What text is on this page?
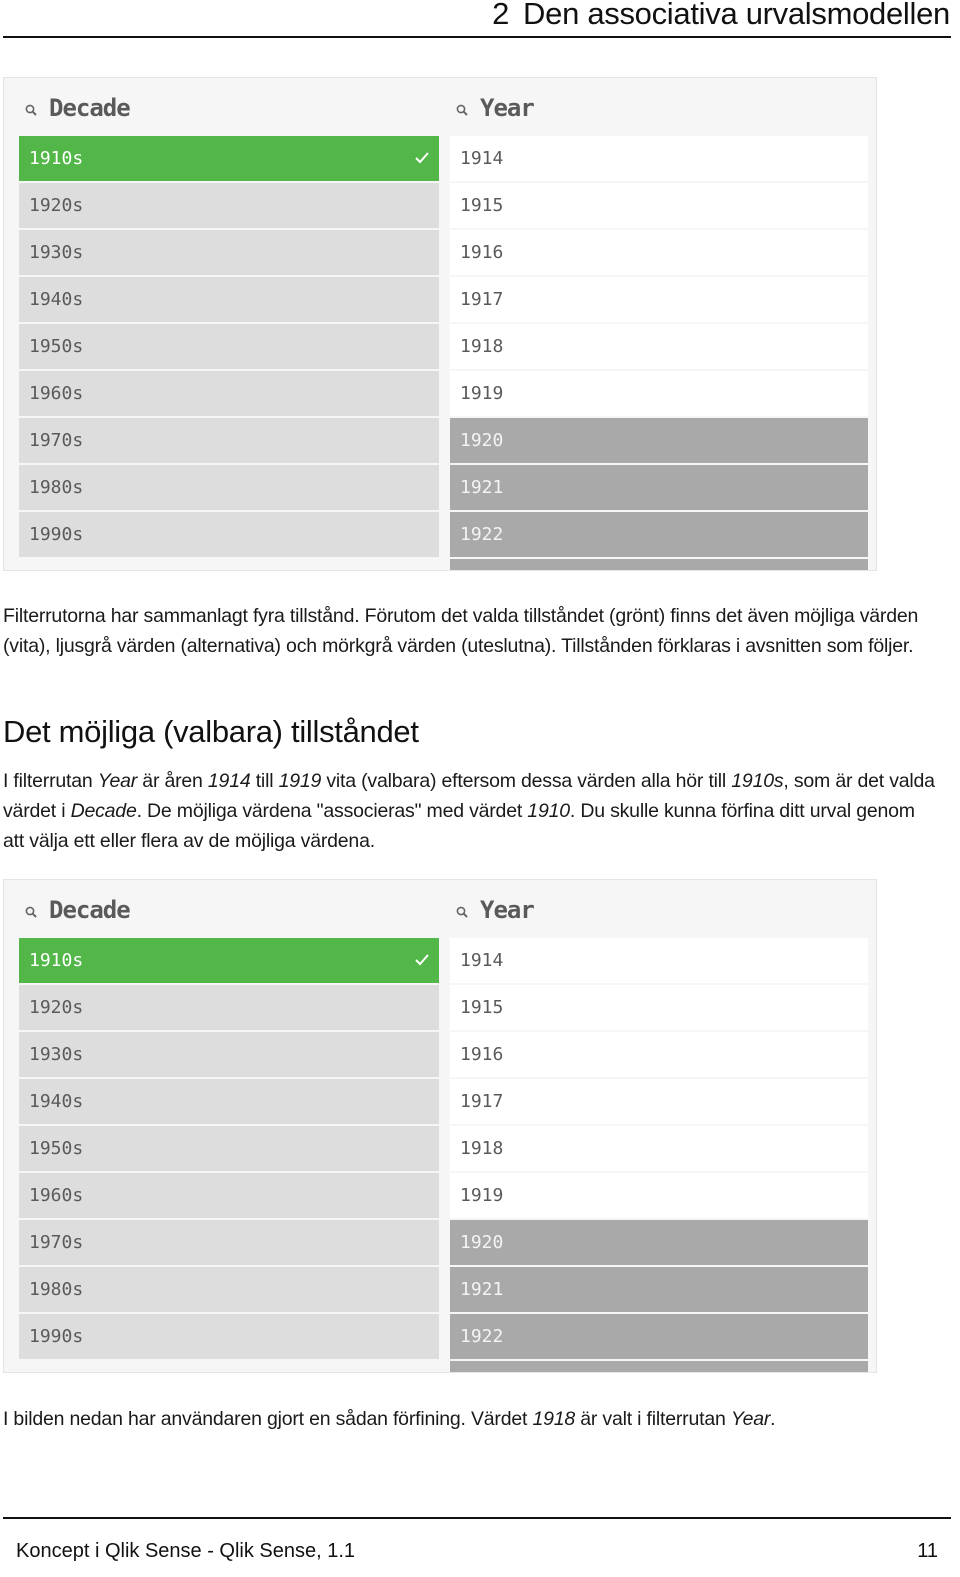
2 Den associativa urvalsmodellen
Decade
1910s
1920s
1930s
1940s
1950s
1960s
1970s
1980s
1990s
Year
1914
1915
1916
1917
1918
1919
1920
1921
1922

Filterrutorna har sammanlagt fyra tillstånd. Förutom det valda tillståndet (grönt) finns det även möjliga värden (vita), ljusgrå värden (alternativa) och mörkgrå värden (uteslutna). Tillstånden förklaras i avsnitten som följer.

Det möjliga (valbara) tillståndet

I filterrutan Year är åren 1914 till 1919 vita (valbara) eftersom dessa värden alla hör till 1910s, som är det valda värdet i Decade. De möjliga värdena "associeras" med värdet 1910. Du skulle kunna förfina ditt urval genom att välja ett eller flera av de möjliga värdena.

Decade
1910s
1920s
1930s
1940s
1950s
1960s
1970s
1980s
1990s
Year
1914
1915
1916
1917
1918
1919
1920
1921
1922

I bilden nedan har användaren gjort en sådan förfining. Värdet 1918 är valt i filterrutan Year.

Koncept i Qlik Sense - Qlik Sense, 1.1	11
